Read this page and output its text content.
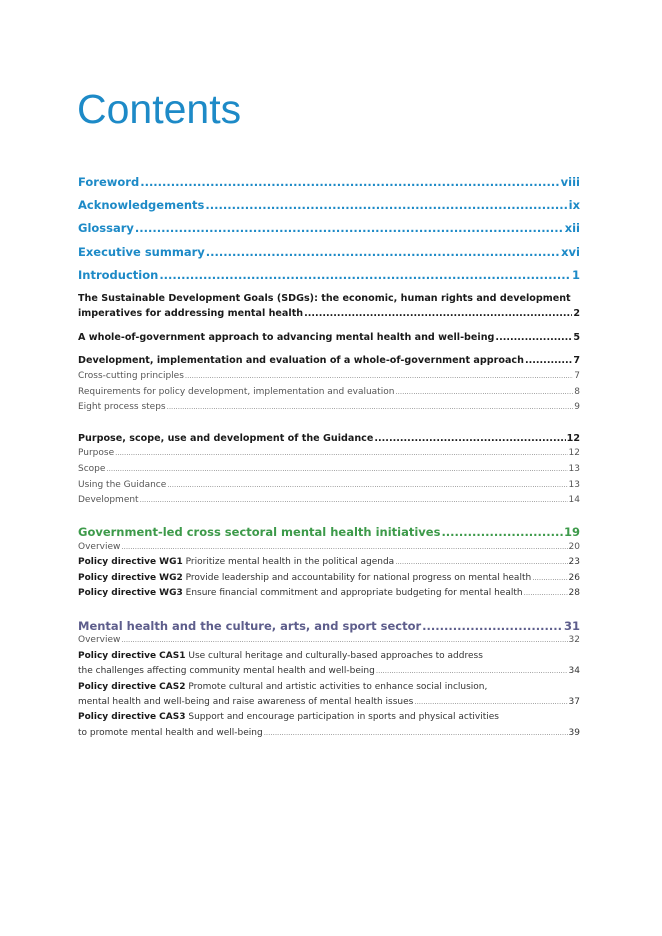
Contents
Foreword .....	viii
Acknowledgements .....	ix
Glossary .....	xii
Executive summary .....	xvi
Introduction .....	1
The Sustainable Development Goals (SDGs): the economic, human rights and development
imperatives for addressing mental health .....	2
A whole-of-government approach to advancing mental health and well-being .....	5
Development, implementation and evaluation of a whole-of-government approach .....	7
Cross-cutting principles .....	7
Requirements for policy development, implementation and evaluation .....	8
Eight process steps .....	9
Purpose, scope, use and development of the Guidance .....	12
Purpose .....	12
Scope .....	13
Using the Guidance .....	13
Development .....	14
Government-led cross sectoral mental health initiatives .....	19
Overview .....	20
Policy directive WG1 Prioritize mental health in the political agenda .....	23
Policy directive WG2 Provide leadership and accountability for national progress on mental health .....	26
Policy directive WG3 Ensure financial commitment and appropriate budgeting for mental health .....	28
Mental health and the culture, arts, and sport sector .....	31
Overview .....	32
Policy directive CAS1 Use cultural heritage and culturally-based approaches to address
the challenges affecting community mental health and well-being .....	34
Policy directive CAS2 Promote cultural and artistic activities to enhance social inclusion,
mental health and well-being and raise awareness of mental health issues .....	37
Policy directive CAS3 Support and encourage participation in sports and physical activities
to promote mental health and well-being .....	39
